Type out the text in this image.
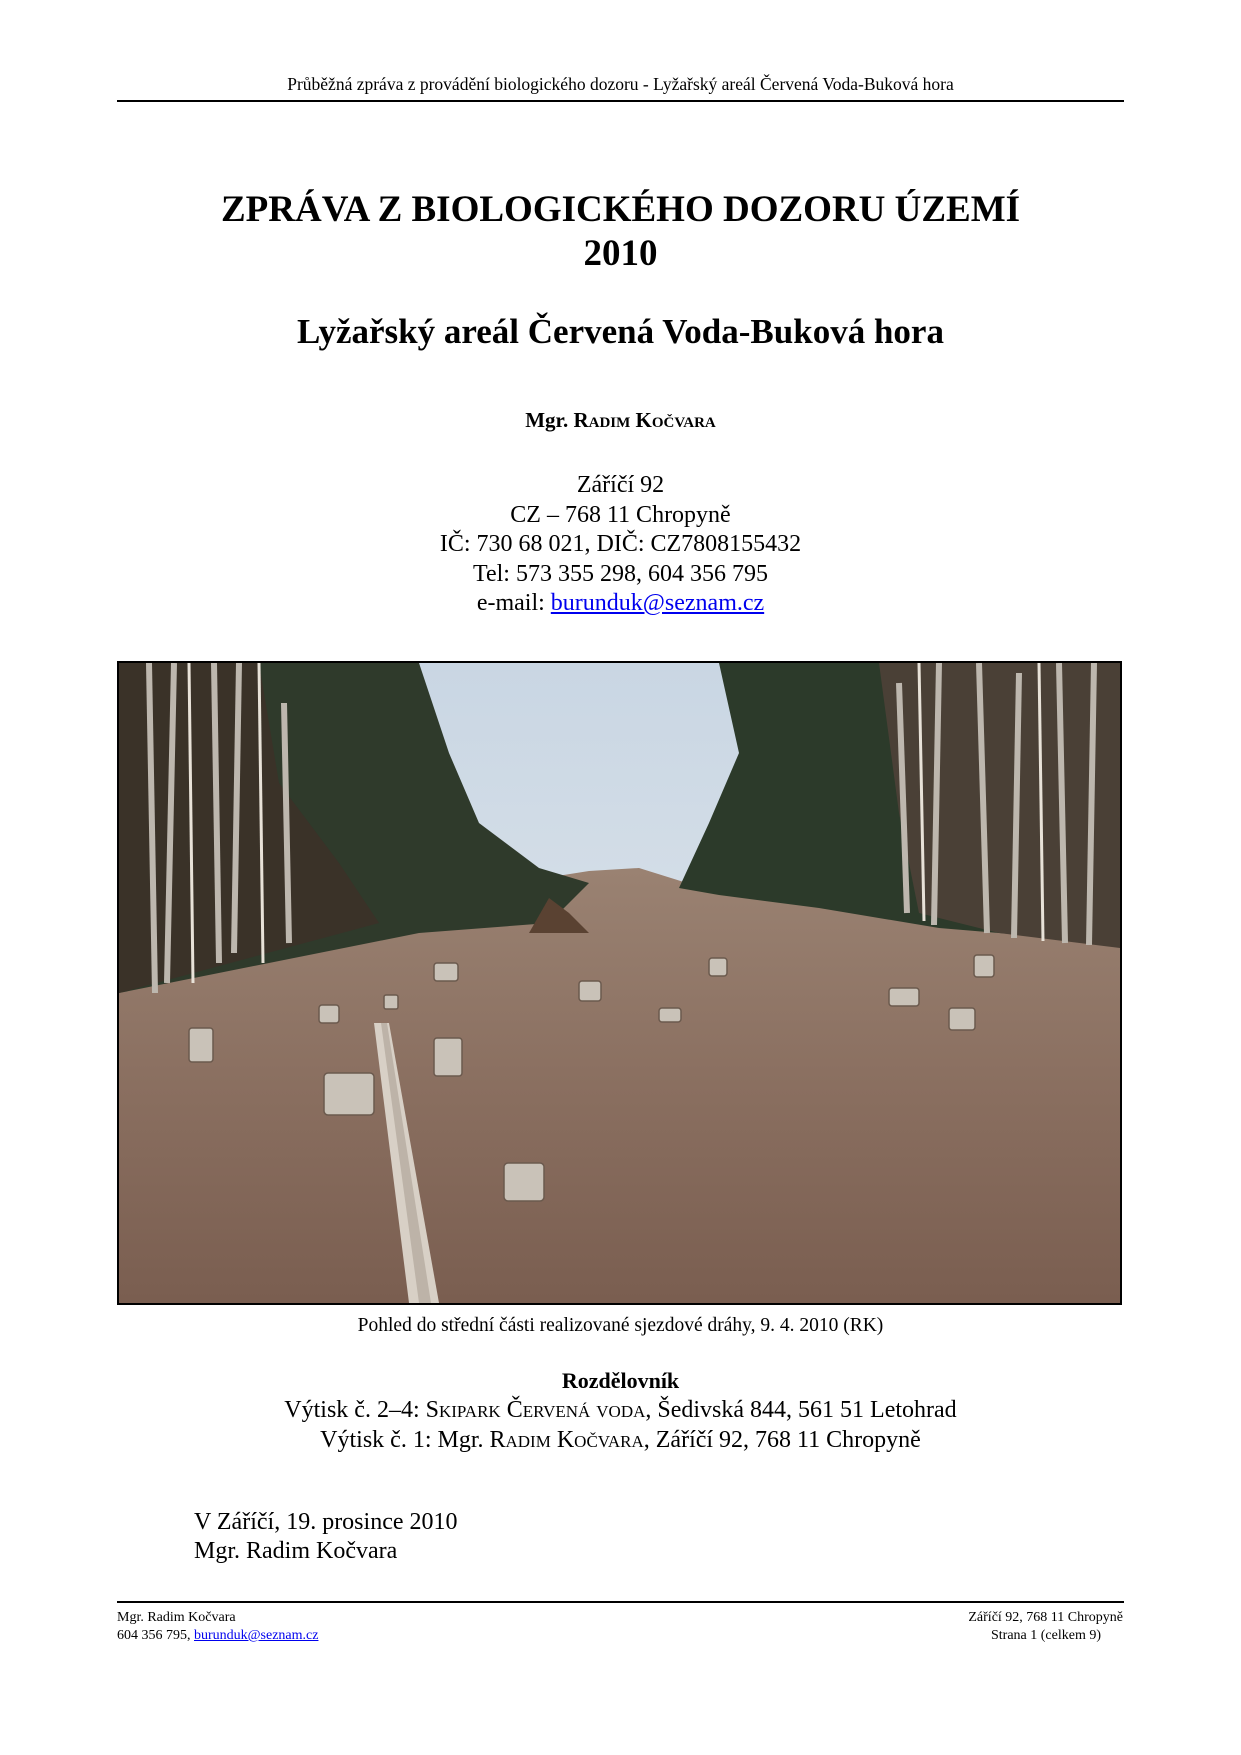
Průběžná zpráva z provádění biologického dozoru - Lyžařský areál Červená Voda-Buková hora
ZPRÁVA Z BIOLOGICKÉHO DOZORU ÚZEMÍ
2010
Lyžařský areál Červená Voda-Buková hora
Mgr. Radim Kočvara
Záříčí 92
CZ – 768 11 Chropyně
IČ: 730 68 021, DIČ: CZ7808155432
Tel: 573 355 298, 604 356 795
e-mail: burunduk@seznam.cz
Pohled do střední části realizované sjezdové dráhy, 9. 4. 2010 (RK)
Rozdělovník
Výtisk č. 2–4: Skipark Červená voda, Šedivská 844, 561 51 Letohrad
Výtisk č. 1: Mgr. Radim Kočvara, Záříčí 92, 768 11 Chropyně
V Záříčí, 19. prosince 2010
Mgr. Radim Kočvara
Mgr. Radim Kočvara
604 356 795, burunduk@seznam.cz
Záříčí 92, 768 11 Chropyně
Strana 1 (celkem 9)
